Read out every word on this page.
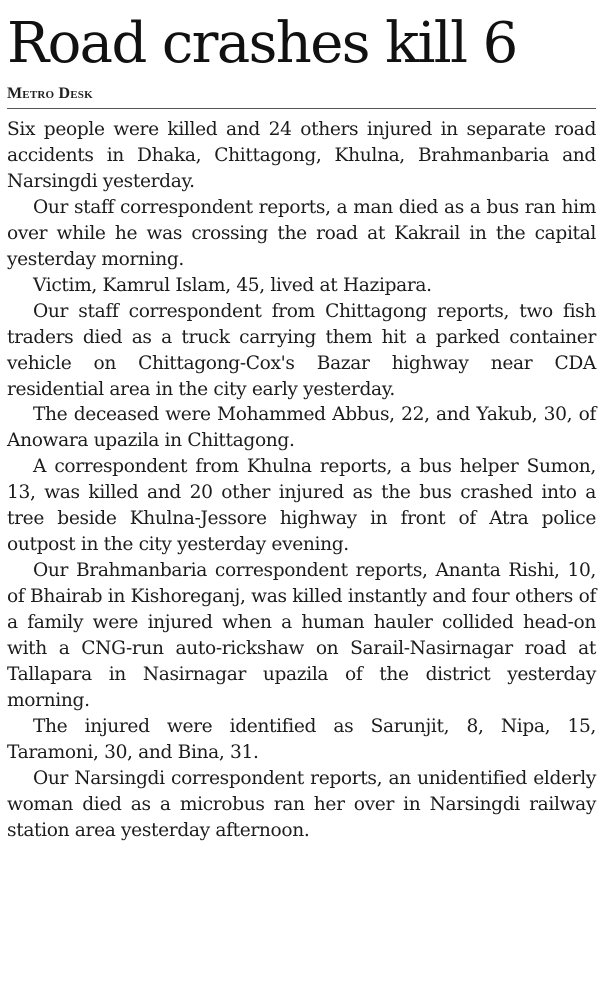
Road crashes kill 6
Metro Desk

Six people were killed and 24 others injured in separate road accidents in Dhaka, Chittagong, Khulna, Brahmanbaria and Narsingdi yesterday.

Our staff correspondent reports, a man died as a bus ran him over while he was crossing the road at Kakrail in the capital yesterday morning.

Victim, Kamrul Islam, 45, lived at Hazipara.

Our staff correspondent from Chittagong reports, two fish traders died as a truck carrying them hit a parked container vehicle on Chittagong-Cox's Bazar highway near CDA residential area in the city early yesterday.

The deceased were Mohammed Abbus, 22, and Yakub, 30, of Anowara upazila in Chittagong.

A correspondent from Khulna reports, a bus helper Sumon, 13, was killed and 20 other injured as the bus crashed into a tree beside Khulna-Jessore highway in front of Atra police outpost in the city yesterday evening.

Our Brahmanbaria correspondent reports, Ananta Rishi, 10, of Bhairab in Kishoreganj, was killed instantly and four others of a family were injured when a human hauler collided head-on with a CNG-run auto-rickshaw on Sarail-Nasirnagar road at Tallapara in Nasirnagar upazila of the district yesterday morning.

The injured were identified as Sarunjit, 8, Nipa, 15, Taramoni, 30, and Bina, 31.

Our Narsingdi correspondent reports, an unidentified elderly woman died as a microbus ran her over in Narsingdi railway station area yesterday afternoon.
